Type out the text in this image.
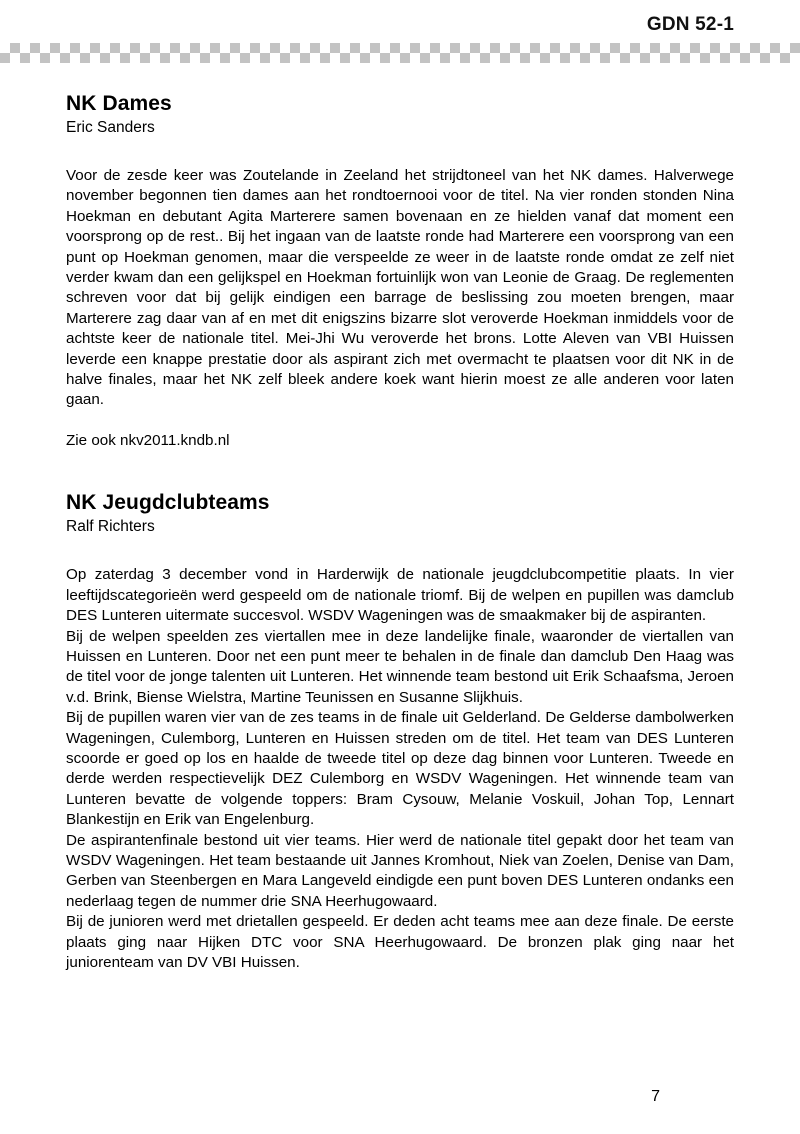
GDN 52-1
NK Dames

Eric Sanders

Voor de zesde keer was Zoutelande in Zeeland het strijdtoneel van het NK dames. Halverwege november begonnen tien dames aan het rondtoernooi voor de titel. Na vier ronden stonden Nina Hoekman en debutant Agita Marterere samen bovenaan en ze hielden vanaf dat moment een voorsprong op de rest.. Bij het ingaan van de laatste ronde had Marterere een voorsprong van een punt op Hoekman genomen, maar die verspeelde ze weer in de laatste ronde omdat ze zelf niet verder kwam dan een gelijkspel en Hoekman fortuinlijk won van Leonie de Graag. De reglementen schreven voor dat bij gelijk eindigen een barrage de beslissing zou moeten brengen, maar Marterere zag daar van af en met dit enigszins bizarre slot veroverde Hoekman inmiddels voor de achtste keer de nationale titel. Mei-Jhi Wu veroverde het brons. Lotte Aleven van VBI Huissen leverde een knappe prestatie door als aspirant zich met overmacht te plaatsen voor dit NK in de halve finales, maar het NK zelf bleek andere koek want hierin moest ze alle anderen voor laten gaan.

Zie ook nkv2011.kndb.nl

NK Jeugdclubteams

Ralf Richters

Op zaterdag 3 december vond in Harderwijk de nationale jeugdclubcompetitie plaats. In vier leeftijdscategorieën werd gespeeld om de nationale triomf. Bij de welpen en pupillen was damclub DES Lunteren uitermate succesvol. WSDV Wageningen was de smaakmaker bij de aspiranten.

Bij de welpen speelden zes viertallen mee in deze landelijke finale, waaronder de viertallen van Huissen en Lunteren. Door net een punt meer te behalen in de finale dan damclub Den Haag was de titel voor de jonge talenten uit Lunteren. Het winnende team bestond uit Erik Schaafsma, Jeroen v.d. Brink, Biense Wielstra, Martine Teunissen en Susanne Slijkhuis.

Bij de pupillen waren vier van de zes teams in de finale uit Gelderland. De Gelderse dambolwerken Wageningen, Culemborg, Lunteren en Huissen streden om de titel. Het team van DES Lunteren scoorde er goed op los en haalde de tweede titel op deze dag binnen voor Lunteren. Tweede en derde werden respectievelijk DEZ Culemborg en WSDV Wageningen. Het winnende team van Lunteren bevatte de volgende toppers: Bram Cysouw, Melanie Voskuil, Johan Top, Lennart Blankestijn en Erik van Engelenburg.

De aspirantenfinale bestond uit vier teams. Hier werd de nationale titel gepakt door het team van WSDV Wageningen. Het team bestaande uit Jannes Kromhout, Niek van Zoelen, Denise van Dam, Gerben van Steenbergen en Mara Langeveld eindigde een punt boven DES Lunteren ondanks een nederlaag tegen de nummer drie SNA Heerhugowaard.

Bij de junioren werd met drietallen gespeeld. Er deden acht teams mee aan deze finale. De eerste plaats ging naar Hijken DTC voor SNA Heerhugowaard. De bronzen plak ging naar het juniorenteam van DV VBI Huissen.

7
